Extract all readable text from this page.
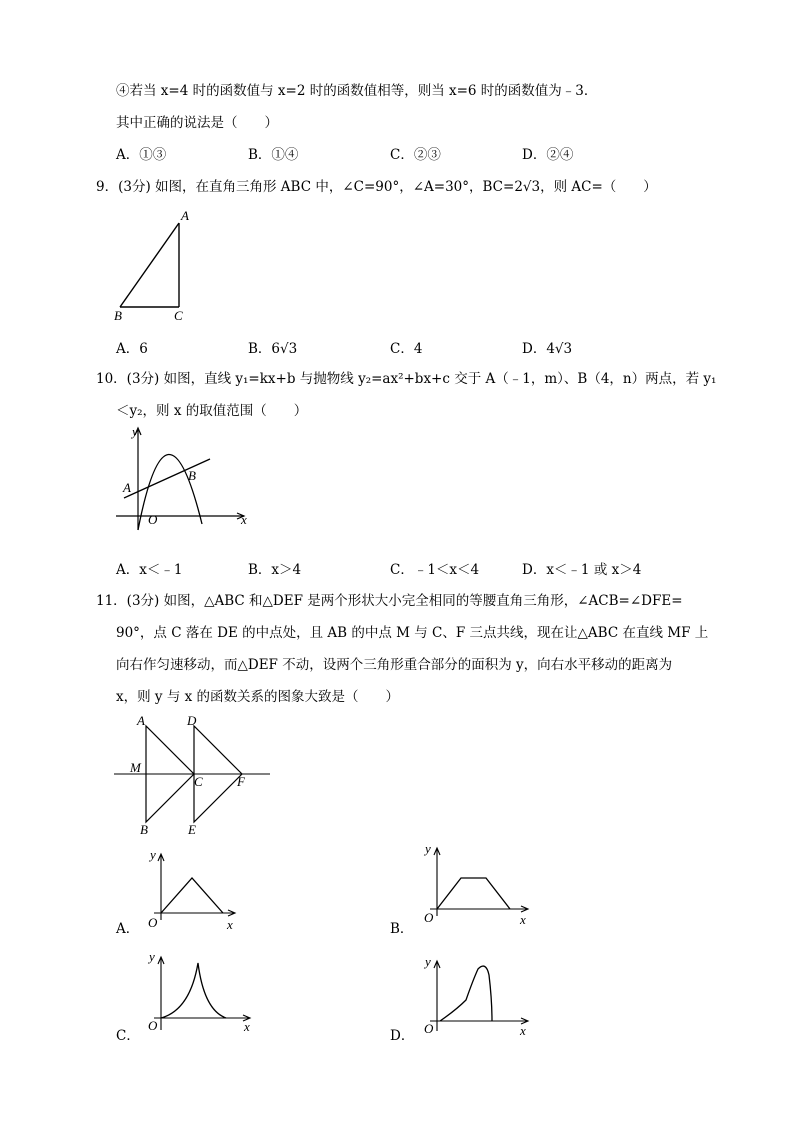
④若当 x=4 时的函数值与 x=2 时的函数值相等，则当 x=6 时的函数值为﹣3．
其中正确的说法是（　　）
A．①③	B．①④	C．②③	D．②④
9．(3分) 如图，在直角三角形 ABC 中，∠C=90°，∠A=30°，BC=2√3，则 AC=（　　）
A
B	C
A．6	B．6√3	C．4	D．4√3
10．(3分) 如图，直线 y₁=kx+b 与抛物线 y₂=ax²+bx+c 交于 A（﹣1，m）、B（4，n）两点，若 y₁
＜y₂，则 x 的取值范围（　　）
y
x
O
A
B
A．x＜﹣1	B．x＞4	C．﹣1＜x＜4	D．x＜﹣1 或 x＞4
11．(3分) 如图，△ABC 和△DEF 是两个形状大小完全相同的等腰直角三角形，∠ACB=∠DFE=
90°，点 C 落在 DE 的中点处，且 AB 的中点 M 与 C、F 三点共线，现在让△ABC 在直线 MF 上
向右作匀速移动，而△DEF 不动，设两个三角形重合部分的面积为 y，向右水平移动的距离为
x，则 y 与 x 的函数关系的图象大致是（　　）
A
B
M
C
D
E
F
y
x
O
A．
y
x
O
B．
y
x
O
C．
y
x
O
D．
